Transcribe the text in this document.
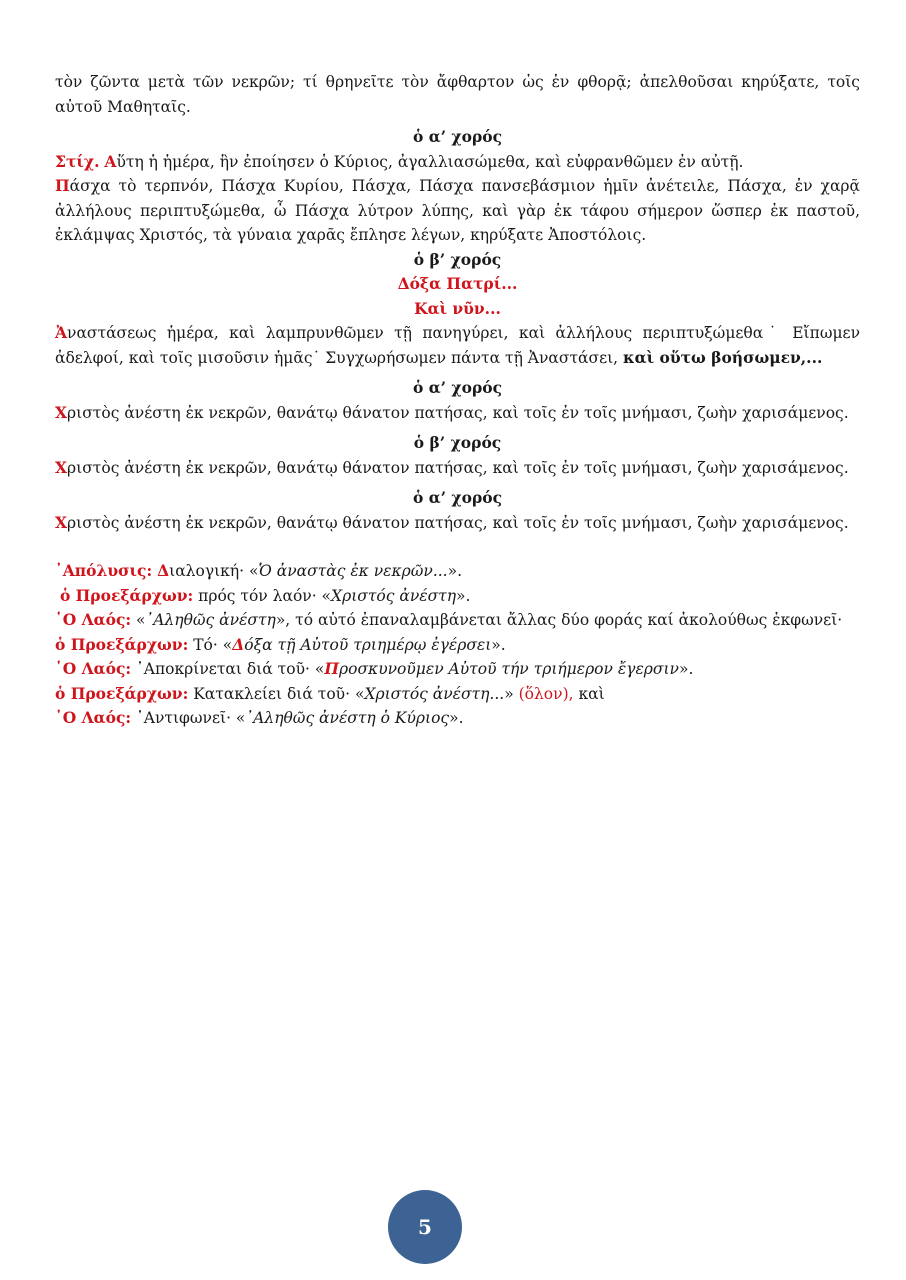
τὸν ζῶντα μετὰ τῶν νεκρῶν; τί θρηνεῖτε τὸν ἄφθαρτον ὡς ἐν φθορᾷ; ἀπελθοῦσαι κηρύξατε, τοῖς αὐτοῦ Μαθηταῖς.

ὁ α’ χορός

Στίχ. Αὕτη ἡ ἡμέρα, ἣν ἐποίησεν ὁ Κύριος, ἀγαλλιασώμεθα, καὶ εὐφρανθῶμεν ἐν αὐτῇ.

Πάσχα τὸ τερπνόν, Πάσχα Κυρίου, Πάσχα, Πάσχα πανσεβάσμιον ἡμῖν ἀνέτειλε, Πάσχα, ἐν χαρᾷ ἀλλήλους περιπτυξώμεθα, ὦ Πάσχα λύτρον λύπης, καὶ γὰρ ἐκ τάφου σήμερον ὥσπερ ἐκ παστοῦ, ἐκλάμψας Χριστός, τὰ γύναια χαρᾶς ἔπλησε λέγων, κηρύξατε Ἀποστόλοις.

ὁ β’ χορός

Δόξα Πατρί...

Καὶ νῦν...

Ἀναστάσεως ἡμέρα, καὶ λαμπρυνθῶμεν τῇ πανηγύρει, καὶ ἀλλήλους περιπτυξώμεθα˙ Εἴπωμεν ἀδελφοί, καὶ τοῖς μισοῦσιν ἡμᾶς˙ Συγχωρήσωμεν πάντα τῇ Ἀναστάσει, καὶ οὕτω βοήσωμεν,...

ὁ α’ χορός

Χριστὸς ἀνέστη ἐκ νεκρῶν, θανάτῳ θάνατον πατήσας, καὶ τοῖς ἐν τοῖς μνήμασι, ζωὴν χαρισάμενος.

ὁ β’ χορός

Χριστὸς ἀνέστη ἐκ νεκρῶν, θανάτῳ θάνατον πατήσας, καὶ τοῖς ἐν τοῖς μνήμασι, ζωὴν χαρισάμενος.

ὁ α’ χορός

Χριστὸς ἀνέστη ἐκ νεκρῶν, θανάτῳ θάνατον πατήσας, καὶ τοῖς ἐν τοῖς μνήμασι, ζωὴν χαρισάμενος.

᾿Απόλυσις: Διαλογική· «Ὁ ἀναστὰς ἐκ νεκρῶν...».

ὁ Προεξάρχων: πρός τόν λαόν· «Χριστός ἀνέστη».

῾Ο Λαός: «᾿Αληθῶς ἀνέστη», τό αὐτό ἐπαναλαμβάνεται ἄλλας δύο φοράς καί ἀκολούθως ἐκφωνεῖ·

ὁ Προεξάρχων: Τό· «Δόξα τῇ Αὐτοῦ τριημέρῳ ἐγέρσει».

῾Ο Λαός: ᾿Αποκρίνεται διά τοῦ· «Προσκυνοῦμεν Αὐτοῦ τήν τριήμερον ἔγερσιν».

ὁ Προεξάρχων: Κατακλείει διά τοῦ· «Χριστός ἀνέστη...» (ὅλον), καὶ

῾Ο Λαός: ᾿Αντιφωνεῖ· «᾿Αληθῶς ἀνέστη ὁ Κύριος».

5
